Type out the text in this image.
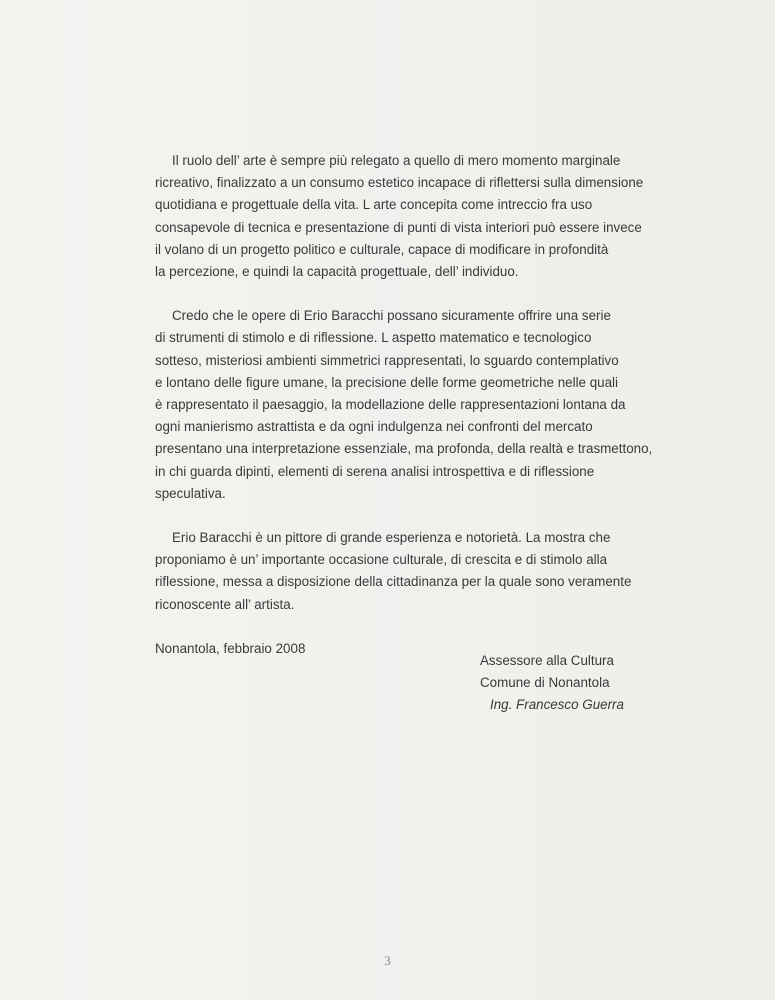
Il ruolo dell’ arte è sempre più relegato a quello di mero momento marginale
ricreativo, finalizzato a un consumo estetico incapace di riflettersi sulla dimensione
quotidiana e progettuale della vita. L arte concepita come intreccio fra uso
consapevole di tecnica e presentazione di punti di vista interiori può essere invece
il volano di un progetto politico e culturale, capace di modificare in profondità
la percezione, e quindi la capacità progettuale, dell’ individuo.

Credo che le opere di Erio Baracchi possano sicuramente offrire una serie
di strumenti di stimolo e di riflessione. L aspetto matematico e tecnologico
sotteso, misteriosi ambienti simmetrici rappresentati, lo sguardo contemplativo
e lontano delle figure umane, la precisione delle forme geometriche nelle quali
è rappresentato il paesaggio, la modellazione delle rappresentazioni lontana da
ogni manierismo astrattista e da ogni indulgenza nei confronti del mercato
presentano una interpretazione essenziale, ma profonda, della realtà e trasmettono,
in chi guarda dipinti, elementi di serena analisi introspettiva e di riflessione
speculativa.

Erio Baracchi è un pittore di grande esperienza e notorietà. La mostra che
proponiamo è un’ importante occasione culturale, di crescita e di stimolo alla
riflessione, messa a disposizione della cittadinanza per la quale sono veramente
riconoscente all’ artista.

Nonantola, febbraio 2008
Assessore alla Cultura
Comune di Nonantola
Ing. Francesco Guerra
3
